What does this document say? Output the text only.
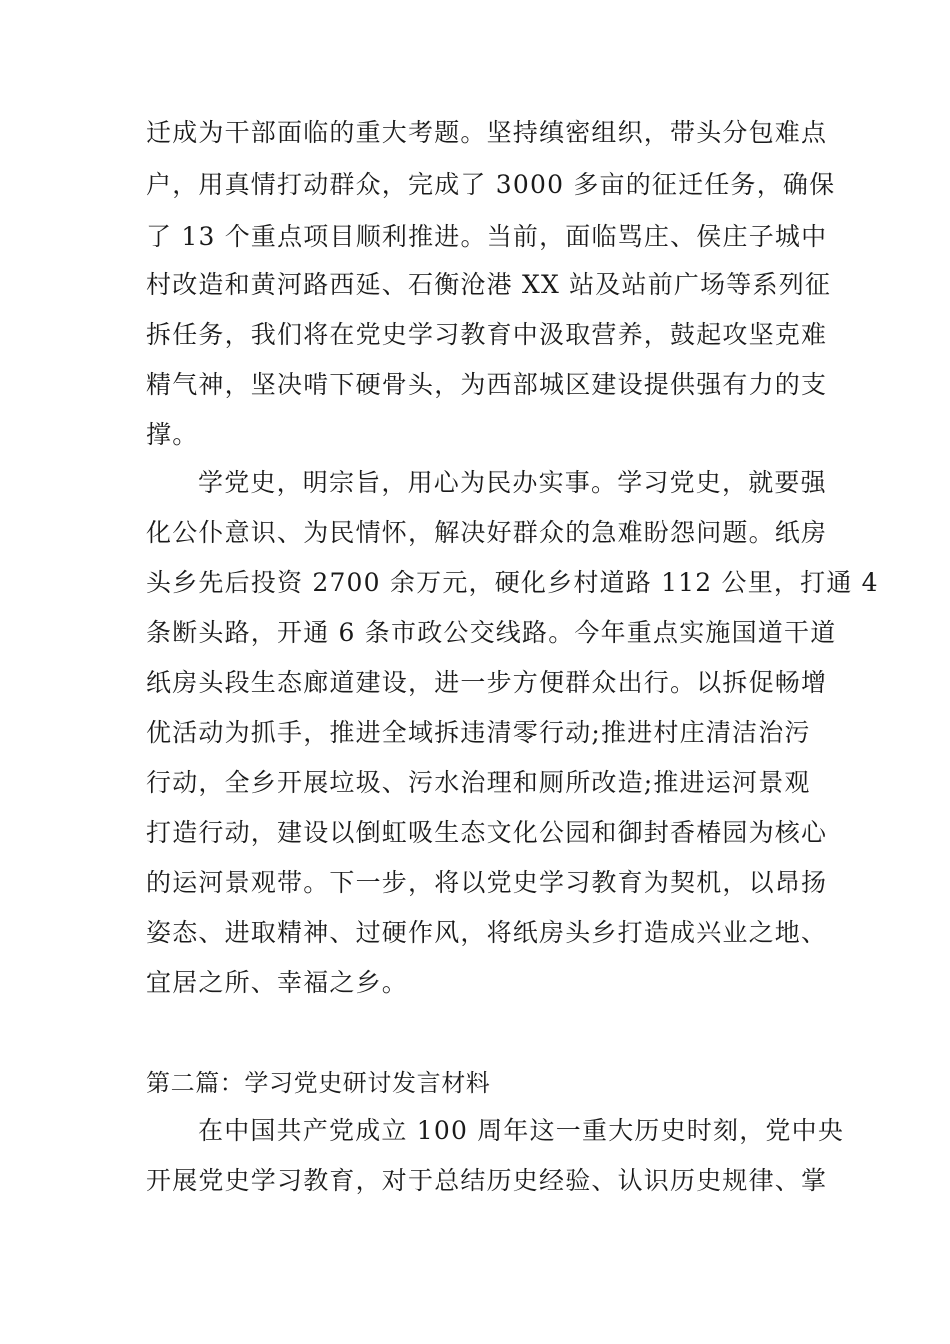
迁成为干部面临的重大考题。坚持缜密组织，带头分包难点
户，用真情打动群众，完成了 3000 多亩的征迁任务，确保
了 13 个重点项目顺利推进。当前，面临骂庄、侯庄子城中
村改造和黄河路西延、石衡沧港 XX 站及站前广场等系列征
拆任务，我们将在党史学习教育中汲取营养，鼓起攻坚克难
精气神，坚决啃下硬骨头，为西部城区建设提供强有力的支
撑。
学党史，明宗旨，用心为民办实事。学习党史，就要强
化公仆意识、为民情怀，解决好群众的急难盼怨问题。纸房
头乡先后投资 2700 余万元，硬化乡村道路 112 公里，打通 4
条断头路，开通 6 条市政公交线路。今年重点实施国道干道
纸房头段生态廊道建设，进一步方便群众出行。以拆促畅增
优活动为抓手，推进全域拆违清零行动;推进村庄清洁治污
行动，全乡开展垃圾、污水治理和厕所改造;推进运河景观
打造行动，建设以倒虹吸生态文化公园和御封香椿园为核心
的运河景观带。下一步，将以党史学习教育为契机，以昂扬
姿态、进取精神、过硬作风，将纸房头乡打造成兴业之地、
宜居之所、幸福之乡。
第二篇：学习党史研讨发言材料
在中国共产党成立 100 周年这一重大历史时刻，党中央
开展党史学习教育，对于总结历史经验、认识历史规律、掌
